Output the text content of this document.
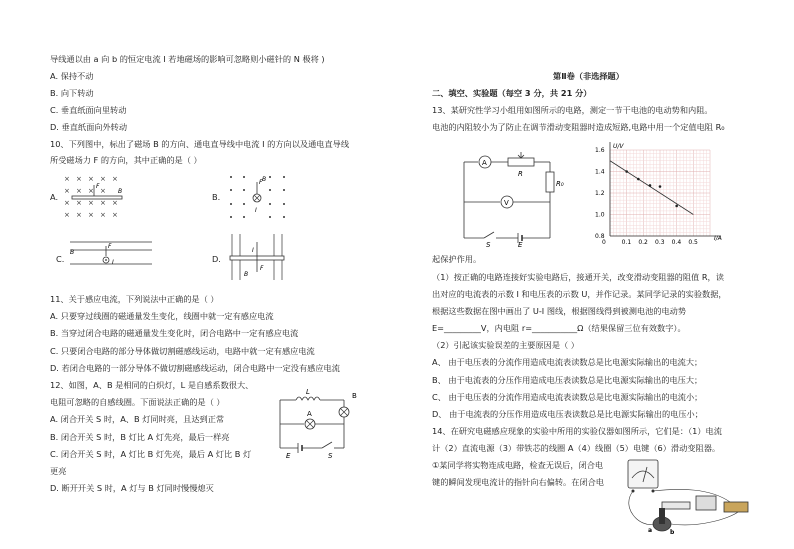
导线通以由 a 向 b 的恒定电流 I 若地磁场的影响可忽略则小磁针的 N 极将 )
A. 保持不动
B. 向下转动
C. 垂直纸面向里转动
D. 垂直纸面向外转动
10、下列图中，标出了磁场 B 的方向、通电直导线中电流 I 的方向以及通电直导线
所受磁场力 F 的方向，其中正确的是（ ）
A.
× × × × ×
× × × ×
× × × × ×
× × × × ×
F
B
B.
F B
I
C.
B
F
I	D.
I
B
F
11、关于感应电流，下列说法中正确的是（ ）
A. 只要穿过线圈的磁通量发生变化，线圈中就一定有感应电流
B. 当穿过闭合电路的磁通量发生变化时，闭合电路中一定有感应电流
C. 只要闭合电路的部分导体做切割磁感线运动，电路中就一定有感应电流
D. 若闭合电路的一部分导体不做切割磁感线运动，闭合电路中一定没有感应电流
12、如图，A、B 是相同的白炽灯，L 是自感系数很大、
电阻可忽略的自感线圈。下面说法正确的是（ ）
A. 闭合开关 S 时，A、B 灯同时亮，且达到正常
B. 闭合开关 S 时，B 灯比 A 灯先亮，最后一样亮
C. 闭合开关 S 时，A 灯比 B 灯先亮，最后 A 灯比 B 灯
更亮
D. 断开开关 S 时，A 灯与 B 灯同时慢慢熄灭
L
A
B
E	S
第Ⅱ卷（非选择题）
二、填空、实验题（每空 3 分，共 21 分）
13、某研究性学习小组用如图所示的电路，测定一节干电池的电动势和内阻。
电池的内阻较小为了防止在调节滑动变阻器时造成短路,电路中用一个定值电阻 R₀
A
R
R₀
V
S	E
I/A
U/V
0	0.1 0.2 0.3 0.4 0.5
1.6
1.4
1.2
1.0
0.8
起保护作用。
（1）按正确的电路连接好实验电路后，接通开关，改变滑动变阻器的阻值 R，读
出对应的电流表的示数 I 和电压表的示数 U，并作记录。某同学记录的实验数据，
根据这些数据在图中画出了 U-I 图线，根据图线得到被测电池的电动势
E=_________V，内电阻 r=___________Ω（结果保留三位有效数字）。
（2）引起该实验误差的主要原因是（ ）
A、 由于电压表的分流作用造成电流表读数总是比电源实际输出的电流大；
B、 由于电流表的分压作用造成电压表读数总是比电源实际输出的电压大；
C、 由于电压表的分流作用造成电流表读数总是比电源实际输出的电流小；
D、 由于电流表的分压作用造成电压表读数总是比电源实际输出的电压小；
14、在研究电磁感应现象的实验中所用的实验仪器如图所示，它们是：（1）电流
计（2）直流电源（3）带铁芯的线圈 A（4）线圈（5）电键（6）滑动变阻器。
①某同学将实物连成电路，检查无误后，闭合电
键的瞬间发现电流计的指针向右偏转。在闭合电
a	b
